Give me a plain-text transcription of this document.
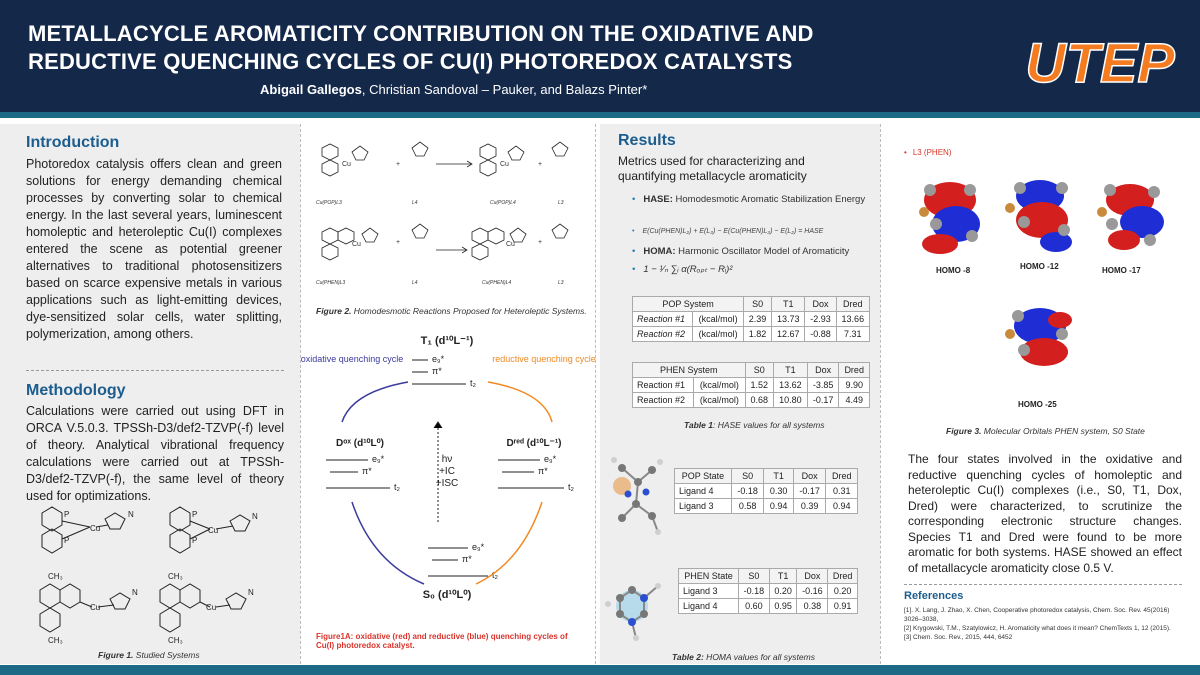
METALLACYCLE AROMATICITY CONTRIBUTION ON THE OXIDATIVE AND
REDUCTIVE QUENCHING CYCLES OF CU(I) PHOTOREDOX CATALYSTS
Abigail Gallegos, Christian Sandoval – Pauker, and Balazs Pinter*	UTEP
Introduction
Photoredox catalysis offers clean and green solutions for energy demanding chemical processes by converting solar to chemical energy. In the last several years, luminescent homoleptic and heteroleptic Cu(I) complexes entered the scene as potential greener alternatives to traditional photosensitizers based on scarce expensive metals in various applications such as light-emitting devices, dye-sensitized solar cells, water splitting, polymerization, among others.
Methodology
Calculations were carried out using DFT in ORCA V.5.0.3. TPSSh-D3/def2-TZVP(-f) level of theory. Analytical vibrational frequency calculations were carried out at TPSSh-D3/def2-TZVP(-f), the same level of theory used for optimizations.
Cu	Cu
Cu	Cu
P
P
P
P
CH₃	CH₃
CH₃	CH₃
N	N
N	N
Figure 1. Studied Systems
+	+
+	+
Cu	Cu
Cu	Cu
Cu(POP)L3	L4	Cu(POP)L4	L3
Cu(PHEN)L3	L4	Cu(PHEN)L4	L3
Figure 2. Homodesmotic Reactions Proposed for Heteroleptic Systems.
T₁ (d¹⁰L⁻¹)
Dᵒˣ (d¹⁰L⁰)	Dʳᵉᵈ (d¹⁰L⁻¹)
S₀ (d¹⁰L⁰)
hν
+IC
+ISC
e₉*
π*
t₂
e₉*
π*
t₂
e₉*
π*
t₂
e₉*
π*
t₂
oxidative quenching cycle	reductive quenching cycle
Figure1A: oxidative (red) and reductive (blue) quenching cycles of Cu(I) photoredox catalyst.
Results
Metrics used for characterizing and quantifying metallacycle aromaticity
• HASE: Homodesmotic Aromatic Stabilization Energy
• E(Cu(PHEN)L₂) + E(L₃) − E(Cu(PHEN)L₃) − E(L₂) = HASE
• HOMA: Harmonic Oscillator Model of Aromaticity
• 1 − ¹⁄ₙ ∑ᵢ α(Rₒₚₜ − Rᵢ)²
POP System		S0	T1	Dox	Dred
Reaction #1	(kcal/mol)	2.39	13.73	-2.93	13.66
Reaction #2	(kcal/mol)	1.82	12.67	-0.88	7.31
PHEN System		S0	T1	Dox	Dred
Reaction #1	(kcal/mol)	1.52	13.62	-3.85	9.90
Reaction #2	(kcal/mol)	0.68	10.80	-0.17	4.49
Table 1: HASE values for all systems
POP State	S0	T1	Dox	Dred
Ligand 4	-0.18	0.30	-0.17	0.31
Ligand 3	0.58	0.94	0.39	0.94
PHEN State	S0	T1	Dox	Dred
Ligand 3	-0.18	0.20	-0.16	0.20
Ligand 4	0.60	0.95	0.38	0.91
Table 2: HOMA values for all systems
• L3 (PHEN)
HOMO -8	HOMO -12	HOMO -17
HOMO -25
Figure 3. Molecular Orbitals PHEN system, S0 State
The four states involved in the oxidative and reductive quenching cycles of homoleptic and heteroleptic Cu(I) complexes (i.e., S0, T1, Dox, Dred) were characterized, to scrutinize the corresponding electronic structure changes. Species T1 and Dred were found to be more aromatic for both systems. HASE showed an effect of metallacycle aromaticity close 0.5 V.
References
[1]. X. Lang, J. Zhao, X. Chen, Cooperative photoredox catalysis, Chem. Soc. Rev. 45(2016) 3026–3038,
[2] Krygowski, T.M., Szatylowicz, H. Aromaticity what does it mean? ChemTexts 1, 12 (2015).
[3] Chem. Soc. Rev., 2015, 444, 6452
